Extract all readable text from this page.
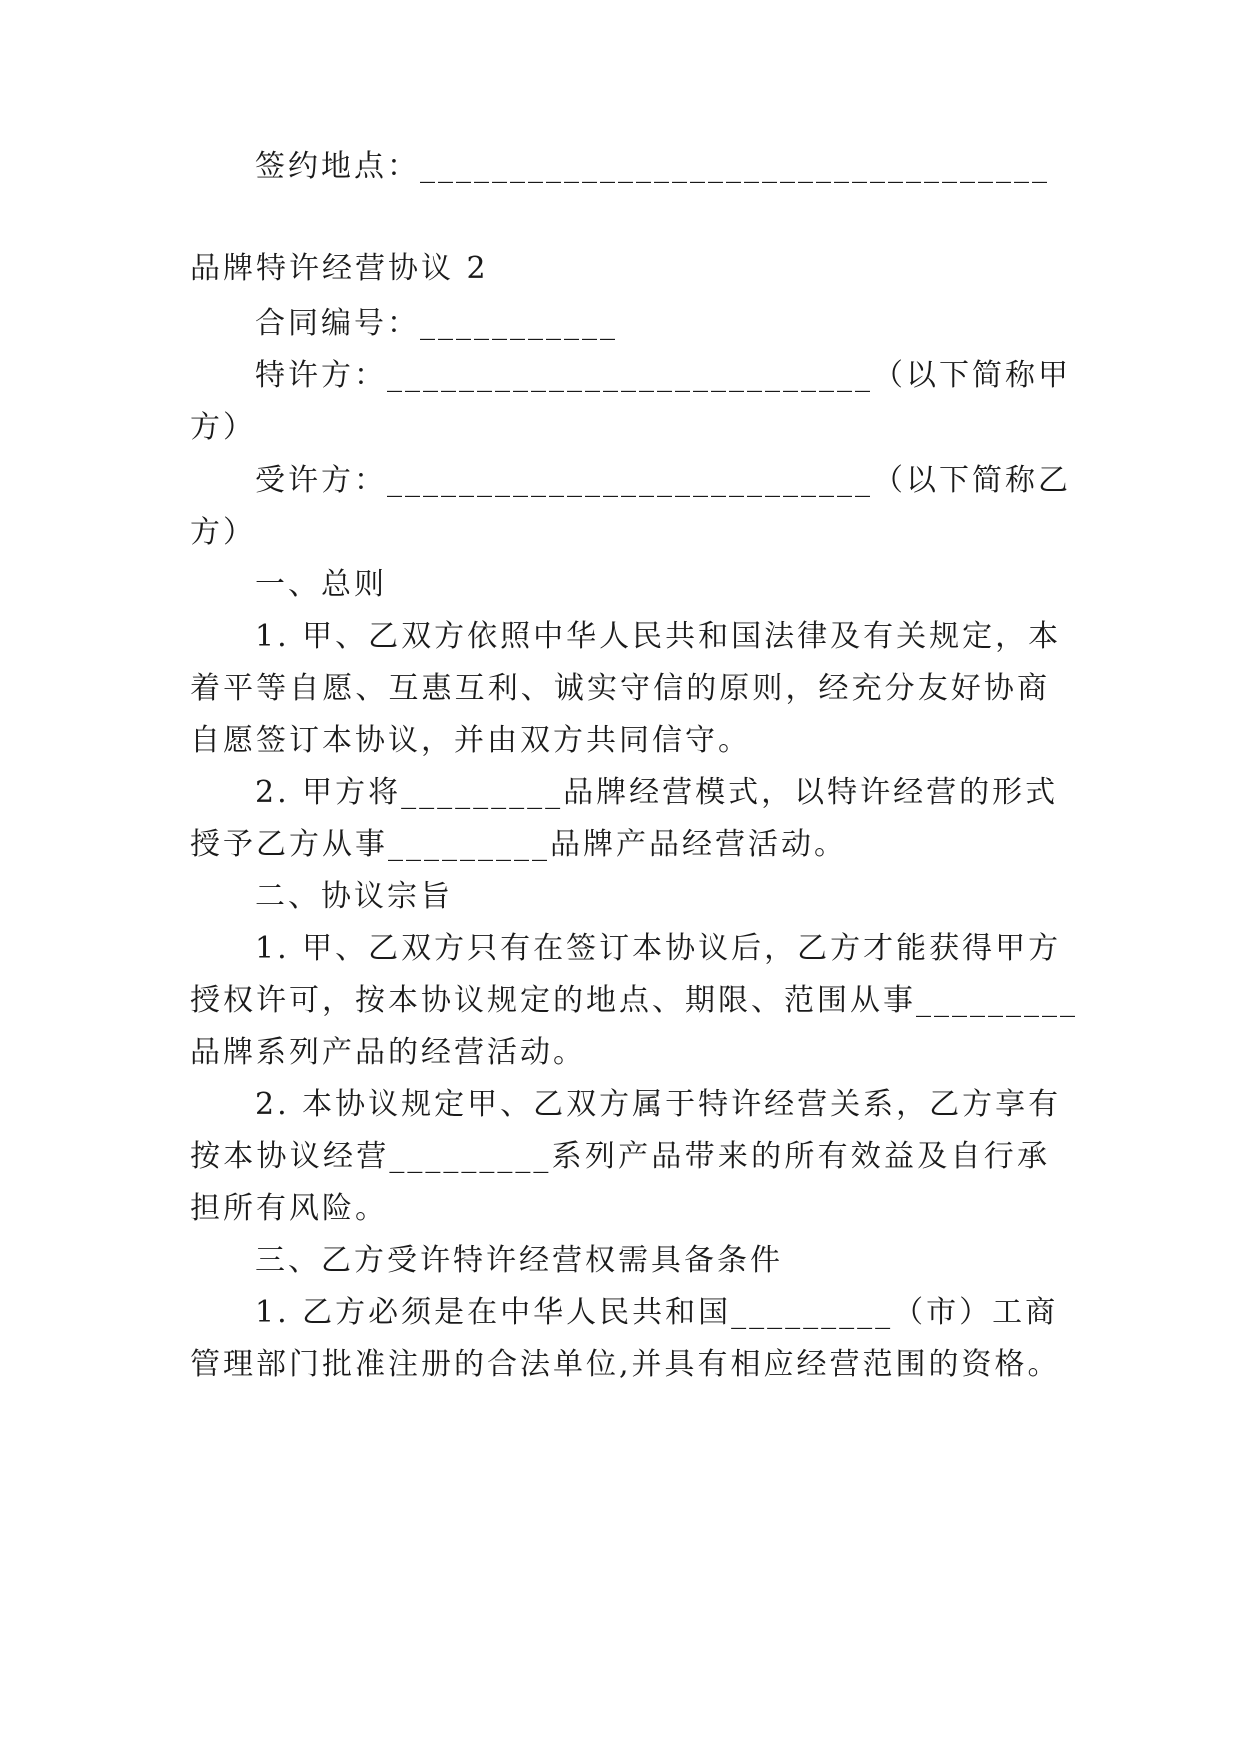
签约地点：___________________________________
品牌特许经营协议 2
合同编号：___________
特许方：___________________________（以下简称甲
方）
受许方：___________________________（以下简称乙
方）
一、总则
1. 甲、乙双方依照中华人民共和国法律及有关规定，本
着平等自愿、互惠互利、诚实守信的原则，经充分友好协商
自愿签订本协议，并由双方共同信守。
2. 甲方将_________品牌经营模式，以特许经营的形式
授予乙方从事_________品牌产品经营活动。
二、协议宗旨
1. 甲、乙双方只有在签订本协议后，乙方才能获得甲方
授权许可，按本协议规定的地点、期限、范围从事_________
品牌系列产品的经营活动。
2. 本协议规定甲、乙双方属于特许经营关系，乙方享有
按本协议经营_________系列产品带来的所有效益及自行承
担所有风险。
三、乙方受许特许经营权需具备条件
1. 乙方必须是在中华人民共和国_________（市）工商
管理部门批准注册的合法单位,并具有相应经营范围的资格。
